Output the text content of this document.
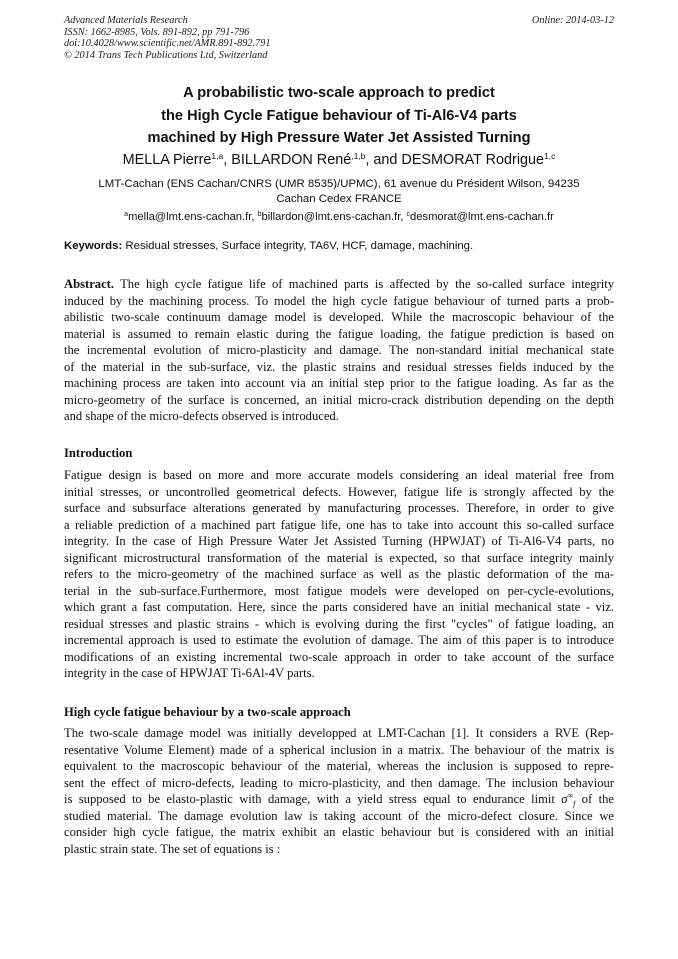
Advanced Materials Research
ISSN: 1662-8985, Vols. 891-892, pp 791-796
doi:10.4028/www.scientific.net/AMR.891-892.791
© 2014 Trans Tech Publications Ltd, Switzerland
Online: 2014-03-12
A probabilistic two-scale approach to predict
the High Cycle Fatigue behaviour of Ti-Al6-V4 parts
machined by High Pressure Water Jet Assisted Turning
MELLA Pierre$^{1,a}$, BILLARDON René$^{,1,b}$, and DESMORAT Rodrigue$^{1,c}$
LMT-Cachan (ENS Cachan/CNRS (UMR 8535)/UPMC), 61 avenue du Président Wilson, 94235
Cachan Cedex FRANCE
$^a$mella@lmt.ens-cachan.fr, $^b$billardon@lmt.ens-cachan.fr, $^c$desmorat@lmt.ens-cachan.fr
Keywords: Residual stresses, Surface integrity, TA6V, HCF, damage, machining.
Abstract. The high cycle fatigue life of machined parts is affected by the so-called surface integrity
induced by the machining process. To model the high cycle fatigue behaviour of turned parts a prob-
abilistic two-scale continuum damage model is developed. While the macroscopic behaviour of the
material is assumed to remain elastic during the fatigue loading, the fatigue prediction is based on
the incremental evolution of micro-plasticity and damage. The non-standard initial mechanical state
of the material in the sub-surface, viz. the plastic strains and residual stresses fields induced by the
machining process are taken into account via an initial step prior to the fatigue loading. As far as the
micro-geometry of the surface is concerned, an initial micro-crack distribution depending on the depth
and shape of the micro-defects observed is introduced.
Introduction
Fatigue design is based on more and more accurate models considering an ideal material free from
initial stresses, or uncontrolled geometrical defects. However, fatigue life is strongly affected by the
surface and subsurface alterations generated by manufacturing processes. Therefore, in order to give
a reliable prediction of a machined part fatigue life, one has to take into account this so-called surface
integrity. In the case of High Pressure Water Jet Assisted Turning (HPWJAT) of Ti-Al6-V4 parts, no
significant microstructural transformation of the material is expected, so that surface integrity mainly
refers to the micro-geometry of the machined surface as well as the plastic deformation of the ma-
terial in the sub-surface.Furthermore, most fatigue models were developed on per-cycle-evolutions,
which grant a fast computation. Here, since the parts considered have an initial mechanical state - viz.
residual stresses and plastic strains - which is evolving during the first "cycles" of fatigue loading, an
incremental approach is used to estimate the evolution of damage. The aim of this paper is to introduce
modifications of an existing incremental two-scale approach in order to take account of the surface
integrity in the case of HPWJAT Ti-6Al-4V parts.
High cycle fatigue behaviour by a two-scale approach
The two-scale damage model was initially developped at LMT-Cachan [1]. It considers a RVE (Rep-
resentative Volume Element) made of a spherical inclusion in a matrix. The behaviour of the matrix is
equivalent to the macroscopic behaviour of the material, whereas the inclusion is supposed to repre-
sent the effect of micro-defects, leading to micro-plasticity, and then damage. The inclusion behaviour
is supposed to be elasto-plastic with damage, with a yield stress equal to endurance limit $\sigma^\infty_f$ of the
studied material. The damage evolution law is taking account of the micro-defect closure. Since we
consider high cycle fatigue, the matrix exhibit an elastic behaviour but is considered with an initial
plastic strain state. The set of equations is :
